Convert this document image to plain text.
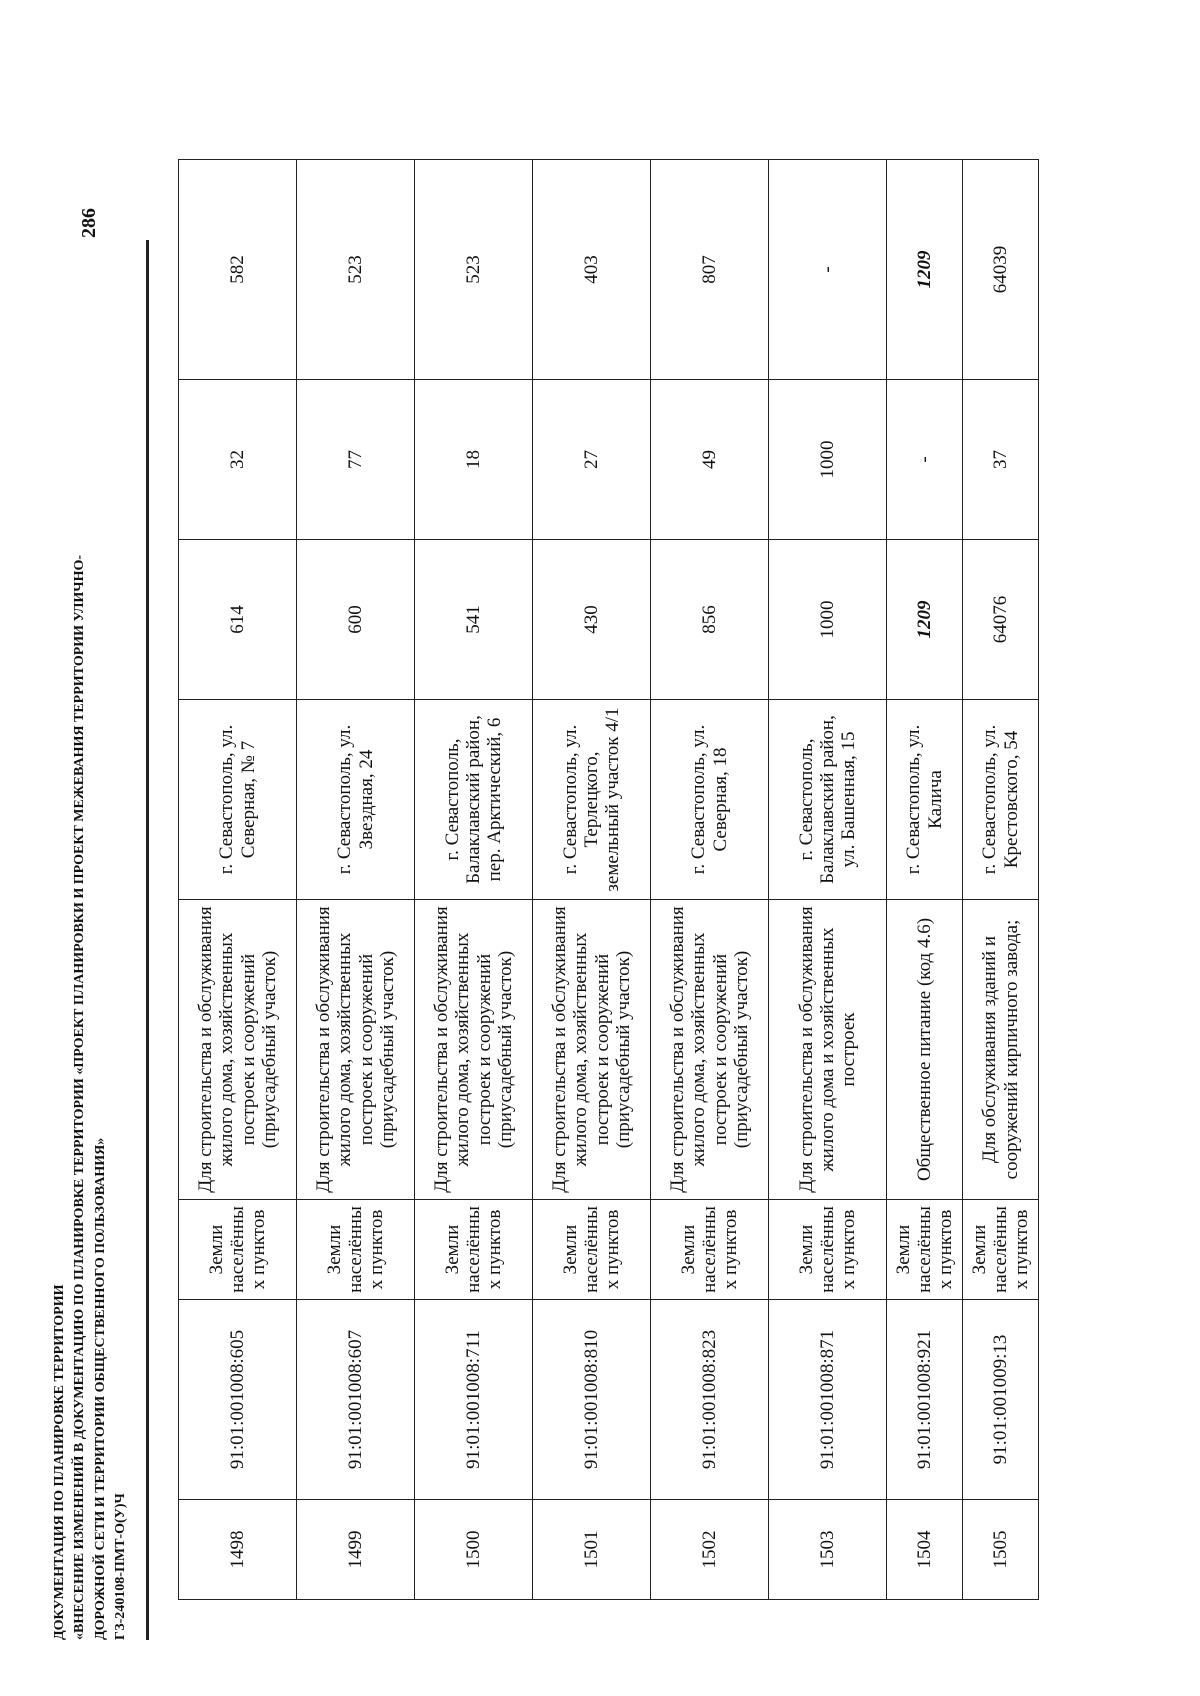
ДОКУМЕНТАЦИЯ ПО ПЛАНИРОВКЕ ТЕРРИТОРИИ «ВНЕСЕНИЕ ИЗМЕНЕНИЙ В ДОКУМЕНТАЦИЮ ПО ПЛАНИРОВКЕ ТЕРРИТОРИИ «ПРОЕКТ ПЛАНИРОВКИ И ПРОЕКТ МЕЖЕВАНИЯ ТЕРРИТОРИИ УЛИЧНО- ДОРОЖНОЙ СЕТИ И ТЕРРИТОРИИ ОБЩЕСТВЕННОГО ПОЛЬЗОВАНИЯ» ГЗ-240108-ПМТ-О(У)Ч
286
1498	91:01:001008:605	Земли населённых пунктов	Для строительства и обслуживания жилого дома, хозяйственных построек и сооружений (приусадебный участок)	г. Севастополь, ул. Северная, № 7	614	32	582
1499	91:01:001008:607	Земли населённых пунктов	Для строительства и обслуживания жилого дома, хозяйственных построек и сооружений (приусадебный участок)	г. Севастополь, ул. Звездная, 24	600	77	523
1500	91:01:001008:711	Земли населённых пунктов	Для строительства и обслуживания жилого дома, хозяйственных построек и сооружений (приусадебный участок)	г. Севастополь, Балаклавский район, пер. Арктический, 6	541	18	523
1501	91:01:001008:810	Земли населённых пунктов	Для строительства и обслуживания жилого дома, хозяйственных построек и сооружений (приусадебный участок)	г. Севастополь, ул. Терлецкого, земельный участок 4/1	430	27	403
1502	91:01:001008:823	Земли населённых пунктов	Для строительства и обслуживания жилого дома, хозяйственных построек и сооружений (приусадебный участок)	г. Севастополь, ул. Северная, 18	856	49	807
1503	91:01:001008:871	Земли населённых пунктов	Для строительства и обслуживания жилого дома и хозяйственных построек	г. Севастополь, Балаклавский район, ул. Башенная, 15	1000	1000	-
1504	91:01:001008:921	Земли населённых пунктов	Общественное питание (код 4.6)	г. Севастополь, ул. Калича	1209	-	1209
1505	91:01:001009:13	Земли населённых пунктов	Для обслуживания зданий и сооружений кирпичного завода;	г. Севастополь, ул. Крестовского, 54	64076	37	64039
